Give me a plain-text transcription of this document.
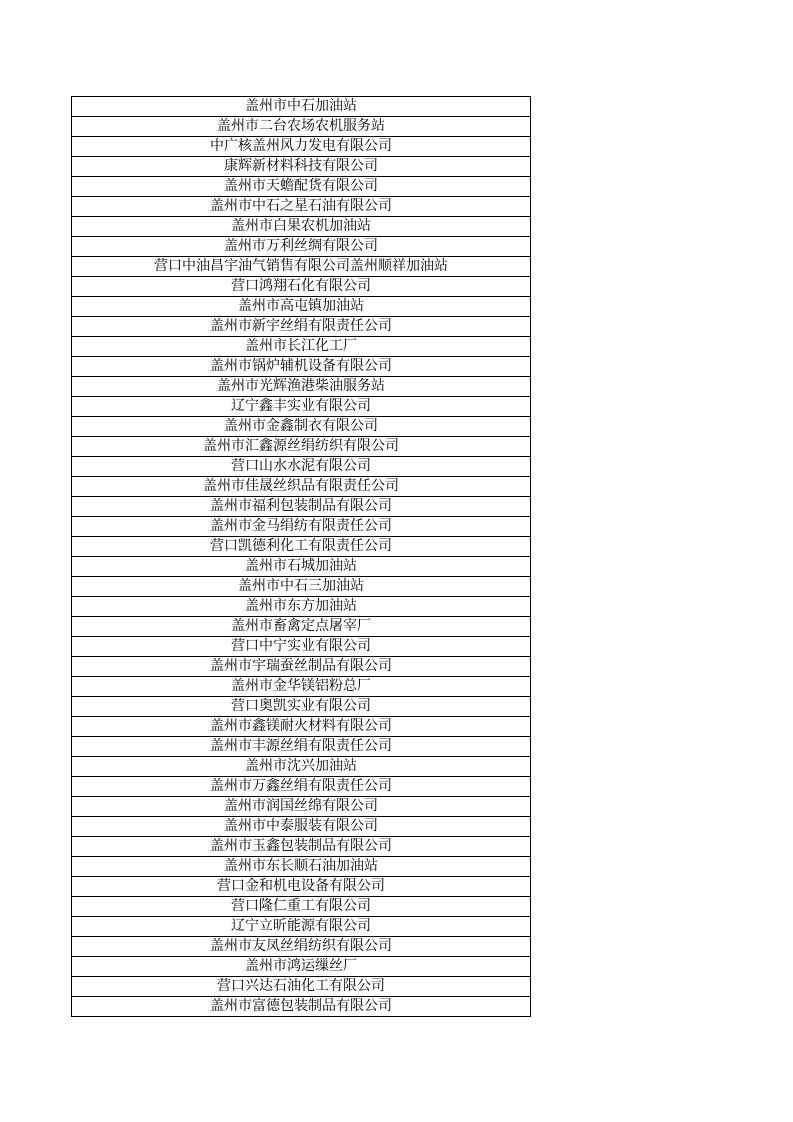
盖州市中石加油站
盖州市二台农场农机服务站
中广核盖州风力发电有限公司
康辉新材料科技有限公司
盖州市天蟾配货有限公司
盖州市中石之星石油有限公司
盖州市白果农机加油站
盖州市万利丝绸有限公司
营口中油昌宇油气销售有限公司盖州顺祥加油站
营口鸿翔石化有限公司
盖州市高屯镇加油站
盖州市新宇丝绢有限责任公司
盖州市长江化工厂
盖州市锅炉辅机设备有限公司
盖州市光辉渔港柴油服务站
辽宁鑫丰实业有限公司
盖州市金鑫制衣有限公司
盖州市汇鑫源丝绢纺织有限公司
营口山水水泥有限公司
盖州市佳晟丝织品有限责任公司
盖州市福利包装制品有限公司
盖州市金马绢纺有限责任公司
营口凯德利化工有限责任公司
盖州市石城加油站
盖州市中石三加油站
盖州市东方加油站
盖州市畜禽定点屠宰厂
营口中宁实业有限公司
盖州市宇瑞蚕丝制品有限公司
盖州市金华镁铝粉总厂
营口奥凯实业有限公司
盖州市鑫镁耐火材料有限公司
盖州市丰源丝绢有限责任公司
盖州市沈兴加油站
盖州市万鑫丝绢有限责任公司
盖州市润国丝绵有限公司
盖州市中泰服装有限公司
盖州市玉鑫包装制品有限公司
盖州市东长顺石油加油站
营口金和机电设备有限公司
营口隆仁重工有限公司
辽宁立昕能源有限公司
盖州市友凤丝绢纺织有限公司
盖州市鸿运缫丝厂
营口兴达石油化工有限公司
盖州市富德包装制品有限公司
